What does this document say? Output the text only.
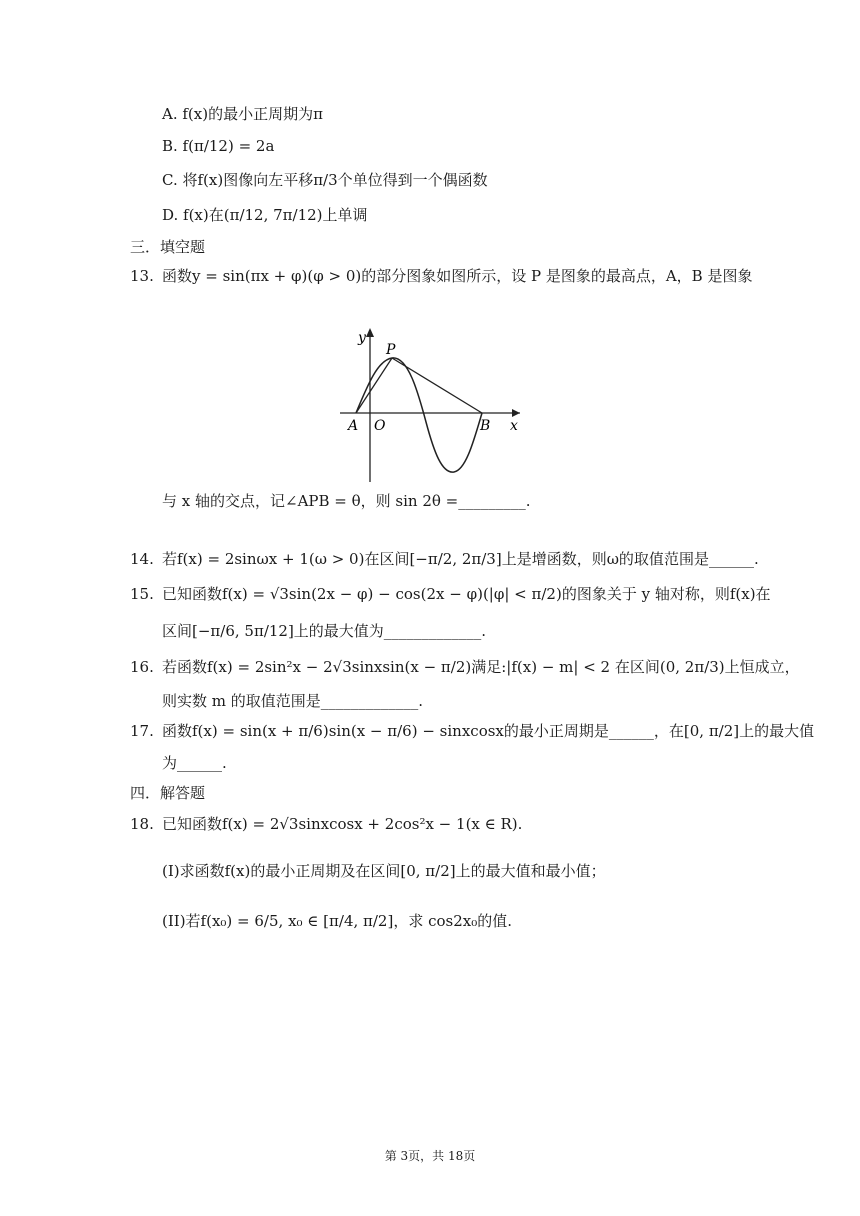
A. f(x)的最小正周期为π
B. f(π/12) = 2a
C. 将f(x)图像向左平移π/3个单位得到一个偶函数
D. f(x)在(π/12, 7π/12)上单调
三．填空题
13. 函数y = sin(πx + φ)(φ > 0)的部分图象如图所示，设 P 是图象的最高点，A，B 是图象
y
x
P
A O	B
与 x 轴的交点，记∠APB = θ，则 sin 2θ =_________.
14. 若f(x) = 2sinωx + 1(ω > 0)在区间[−π/2, 2π/3]上是增函数，则ω的取值范围是______.
15. 已知函数f(x) = √3sin(2x − φ) − cos(2x − φ)(|φ| < π/2)的图象关于 y 轴对称，则f(x)在
区间[−π/6, 5π/12]上的最大值为_____________.
16. 若函数f(x) = 2sin²x − 2√3sinxsin(x − π/2)满足:|f(x) − m| < 2 在区间(0, 2π/3)上恒成立，
则实数 m 的取值范围是_____________.
17. 函数f(x) = sin(x + π/6)sin(x − π/6) − sinxcosx的最小正周期是______，在[0, π/2]上的最大值
为______.
四．解答题
18. 已知函数f(x) = 2√3sinxcosx + 2cos²x − 1(x ∈ R).
(I)求函数f(x)的最小正周期及在区间[0, π/2]上的最大值和最小值；
(II)若f(x₀) = 6/5, x₀ ∈ [π/4, π/2]，求 cos2x₀的值.
第 3页，共 18页
